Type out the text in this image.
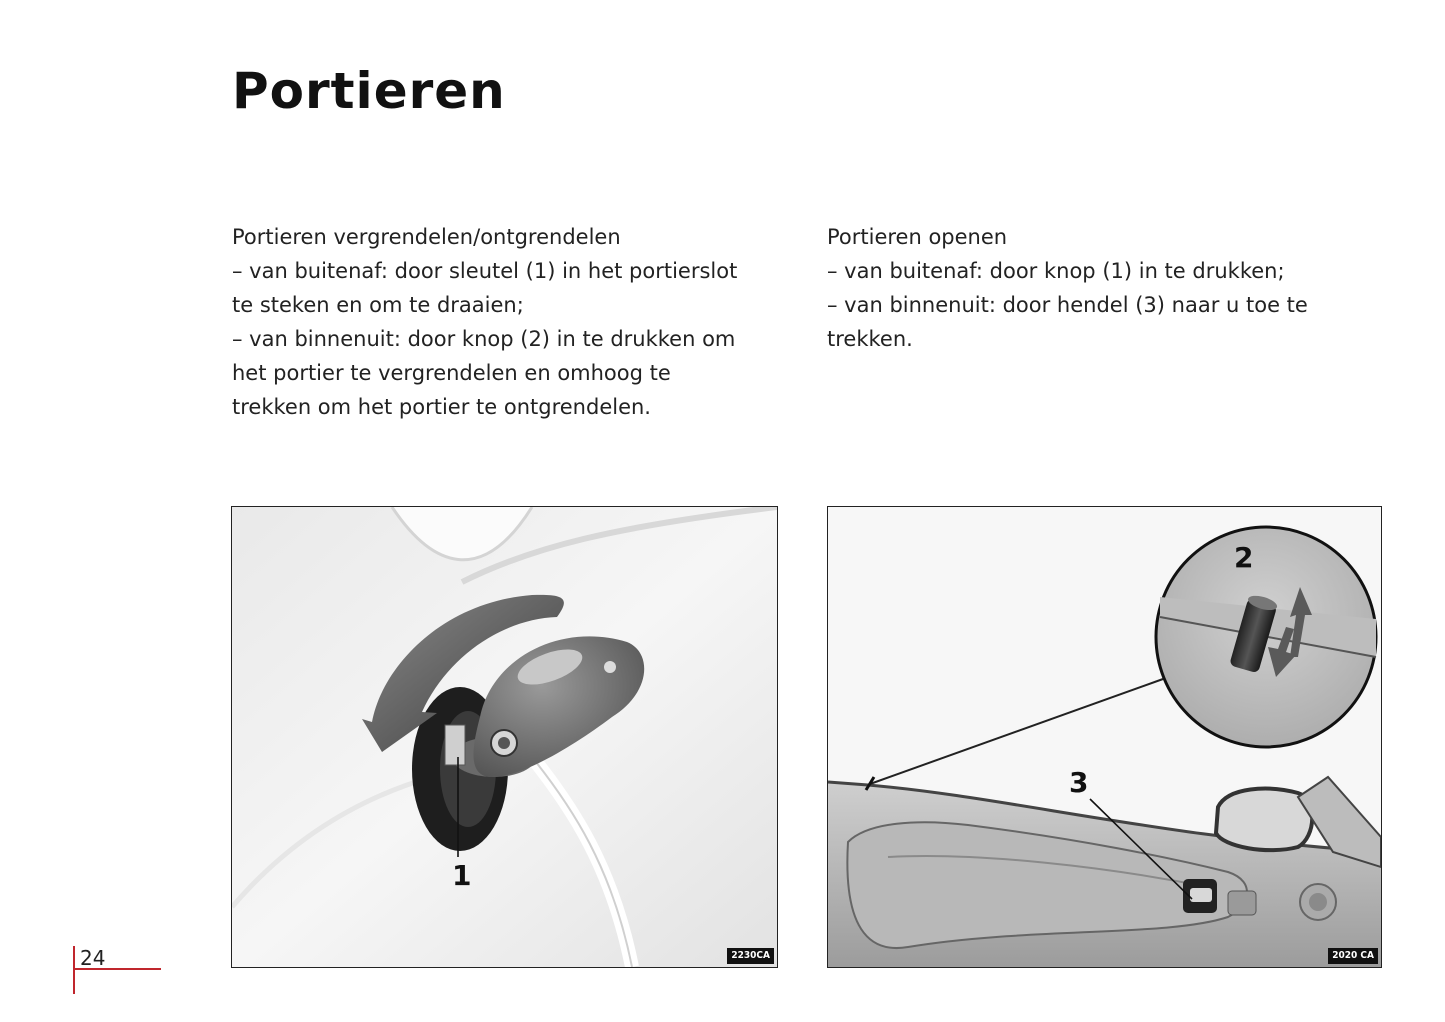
Portieren

Portieren vergrendelen/ontgrendelen

– van buitenaf: door sleutel (1) in het portierslot te steken en om te draaien;

– van binnenuit: door knop (2) in te drukken om het portier te vergrendelen en omhoog te trekken om het portier te ontgrendelen.

Portieren openen

– van buitenaf: door knop (1) in te drukken;

– van binnenuit: door hendel (3) naar u toe te trekken.

1
2230CA
2
3
2020 CA
24
